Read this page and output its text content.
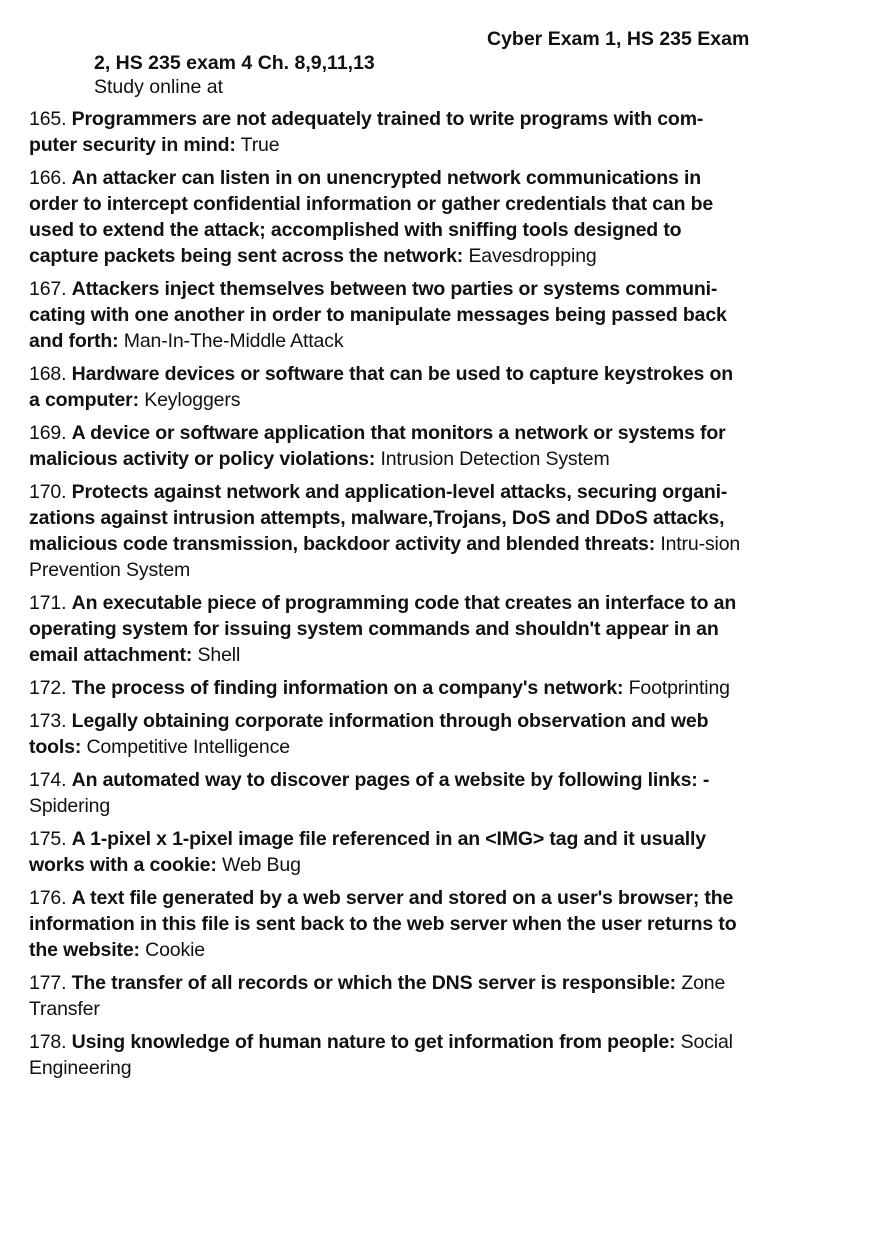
Cyber Exam 1, HS 235 Exam
2, HS 235 exam 4 Ch. 8,9,11,13
Study online at

165. Programmers are not adequately trained to write programs with com-puter security in mind: True

166. An attacker can listen in on unencrypted network communications in order to intercept confidential information or gather credentials that can be used to extend the attack; accomplished with sniffing tools designed to capture packets being sent across the network: Eavesdropping

167. Attackers inject themselves between two parties or systems communi-cating with one another in order to manipulate messages being passed back and forth: Man-In-The-Middle Attack

168. Hardware devices or software that can be used to capture keystrokes on a computer: Keyloggers

169. A device or software application that monitors a network or systems for malicious activity or policy violations: Intrusion Detection System

170. Protects against network and application-level attacks, securing organi-zations against intrusion attempts, malware,Trojans, DoS and DDoS attacks, malicious code transmission, backdoor activity and blended threats: Intru-sion Prevention System

171. An executable piece of programming code that creates an interface to an operating system for issuing system commands and shouldn't appear in an email attachment: Shell

172. The process of finding information on a company's network: Footprinting

173. Legally obtaining corporate information through observation and web tools: Competitive Intelligence

174. An automated way to discover pages of a website by following links: - Spidering

175. A 1-pixel x 1-pixel image file referenced in an <IMG> tag and it usually works with a cookie: Web Bug

176. A text file generated by a web server and stored on a user's browser; the information in this file is sent back to the web server when the user returns to the website: Cookie

177. The transfer of all records or which the DNS server is responsible: Zone Transfer

178. Using knowledge of human nature to get information from people: Social Engineering
